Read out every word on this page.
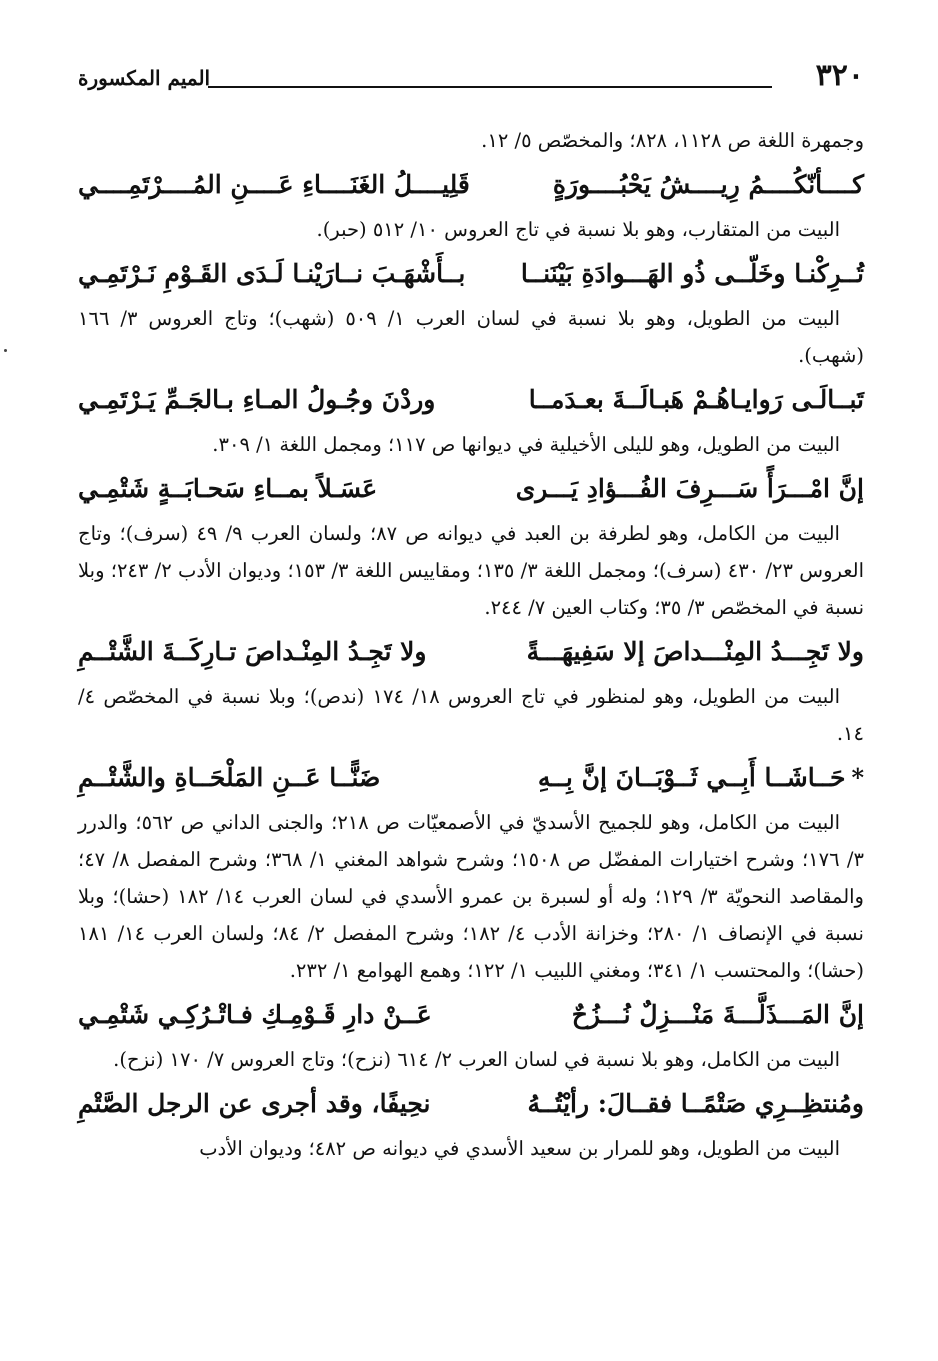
٣٢٠
الميم المكسورة

وجمهرة اللغة ص ١١٢٨، ٨٢٨؛ والمخصّص ٥/ ١٢.

كــــأنّكُــــمُ رِيــــشُ يَحْبُــــورَةٍ
قَلِيــــلُ الغَنَــــاءِ عَــــنِ المُــــرْتَمِــــي

البيت من المتقارب، وهو بلا نسبة في تاج العروس ١٠/ ٥١٢ (حبر).

تُــرِكْنـا وخَلّــى ذُو الهَـــوادَةِ بَيْنَنــا
بــأَشْهَـبَ نــارَيْنـا لَـدَى القَـوْمِ نَـرْتَمِـي

البيت من الطويل، وهو بلا نسبة في لسان العرب ١/ ٥٠٩ (شهب)؛ وتاج العروس ٣/ ١٦٦ (شهب).

تَبــالَـى رَوايـاهُـمْ هَبـالَــةَ بعـدَمــا
وردْنَ وجُـولُ المـاءِ بـالجَـمِّ يَـرْتَمِـي

البيت من الطويل، وهو لليلى الأخيلية في ديوانها ص ١١٧؛ ومجمل اللغة ١/ ٣٠٩.

إنَّ امْـــرَأً سَـــرِفَ الفُـــؤادِ يَـــرى
عَسَـلاً بمــاءِ سَحـابَــةٍ شَتْمِـي

البيت من الكامل، وهو لطرفة بن العبد في ديوانه ص ٨٧؛ ولسان العرب ٩/ ٤٩ (سرف)؛ وتاج العروس ٢٣/ ٤٣٠ (سرف)؛ ومجمل اللغة ٣/ ١٣٥؛ ومقاييس اللغة ٣/ ١٥٣؛ وديوان الأدب ٢/ ٢٤٣؛ وبلا نسبة في المخصّص ٣/ ٣٥؛ وكتاب العين ٧/ ٢٤٤.

ولا تَجِـــدُ المِنْـــداصَ إلا سَفِيهَـــةً
ولا تَجِـدُ المِنْـداصَ تـارِكَــةَ الشَّتْــمِ

البيت من الطويل، وهو لمنظور في تاج العروس ١٨/ ١٧٤ (ندص)؛ وبلا نسبة في المخصّص ٤/ ١٤.

*حَــاشَــا أَبِــي ثَــوْبَــانَ إنَّ بِــهِ
ضَنًّــا عَــنِ المَلْحَــاةِ والشَّتْــمِ

البيت من الكامل، وهو للجميح الأسديّ في الأصمعيّات ص ٢١٨؛ والجنى الداني ص ٥٦٢؛ والدرر ٣/ ١٧٦؛ وشرح اختيارات المفضّل ص ١٥٠٨؛ وشرح شواهد المغني ١/ ٣٦٨؛ وشرح المفصل ٨/ ٤٧؛ والمقاصد النحويّة ٣/ ١٢٩؛ وله أو لسبرة بن عمرو الأسدي في لسان العرب ١٤/ ١٨٢ (حشا)؛ وبلا نسبة في الإنصاف ١/ ٢٨٠؛ وخزانة الأدب ٤/ ١٨٢؛ وشرح المفصل ٢/ ٨٤؛ ولسان العرب ١٤/ ١٨١ (حشا)؛ والمحتسب ١/ ٣٤١؛ ومغني اللبيب ١/ ١٢٢؛ وهمع الهوامع ١/ ٢٣٢.

إنَّ المَـــذَلَّـــةَ مَنْـــزِلٌ نُـــزُحٌ
عَــنْ دارِ قَـوْمِـكِ فـاتْـرُكِـي شَتْمِـي

البيت من الكامل، وهو بلا نسبة في لسان العرب ٢/ ٦١٤ (نزح)؛ وتاج العروس ٧/ ١٧٠ (نزح).

ومُنتظِــرِي صَتْمًــا فقــالَ: رأيْتُــهُ
نحِيفًا، وقد أجرى عن الرجل الصَّتْمِ

البيت من الطويل، وهو للمرار بن سعيد الأسدي في ديوانه ص ٤٨٢؛ وديوان الأدب
